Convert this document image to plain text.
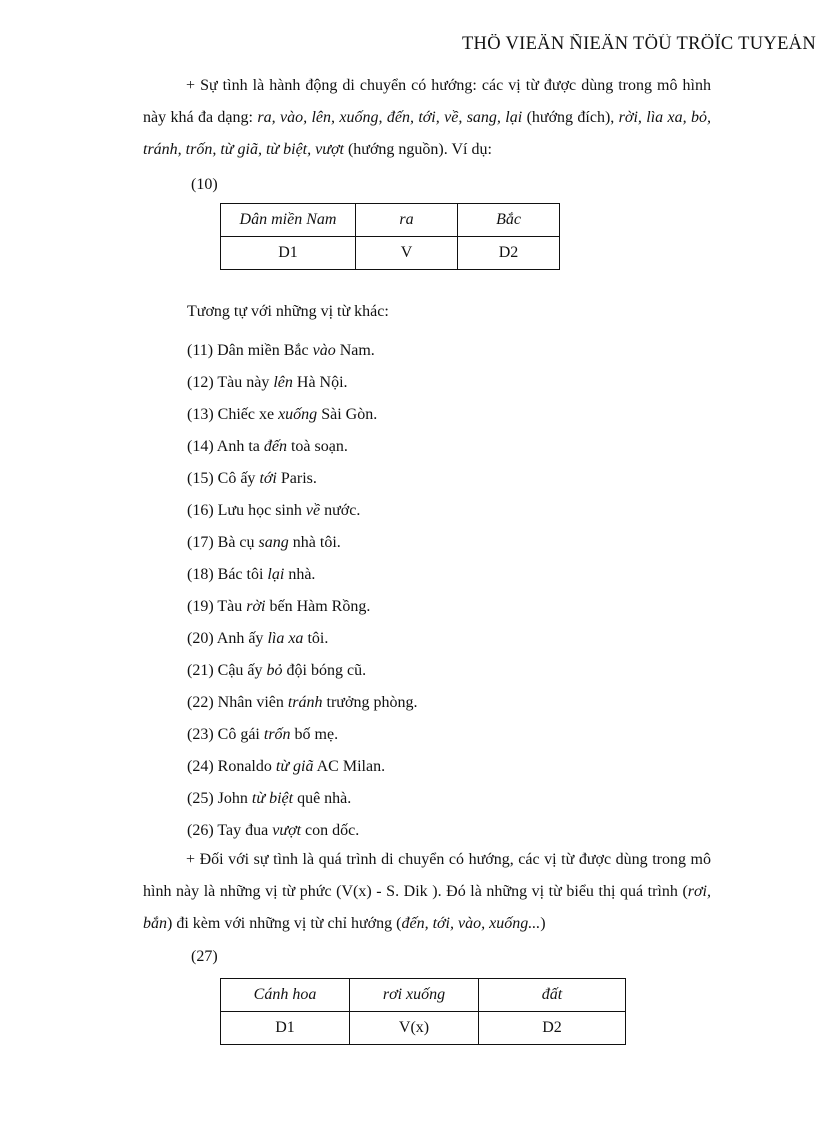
THÖ VIEÄN ÑIEÄN TÖÛ TRÖÏC TUYEÁN
+ Sự tình là hành động di chuyển có hướng: các vị từ được dùng trong mô hình này khá đa dạng: ra, vào, lên, xuống, đến, tới, về, sang, lại (hướng đích), rời, lìa xa, bỏ, tránh, trốn, từ giã, từ biệt, vượt (hướng nguồn). Ví dụ:
(10)
Dân miền Nam	ra	Bắc
D1	V	D2
Tương tự với những vị từ khác:
(11) Dân miền Bắc vào Nam.
(12) Tàu này lên Hà Nội.
(13) Chiếc xe xuống Sài Gòn.
(14) Anh ta đến toà soạn.
(15) Cô ấy tới Paris.
(16) Lưu học sinh về nước.
(17) Bà cụ sang nhà tôi.
(18) Bác tôi lại nhà.
(19) Tàu rời bến Hàm Rồng.
(20) Anh ấy lìa xa tôi.
(21) Cậu ấy bỏ đội bóng cũ.
(22) Nhân viên tránh trưởng phòng.
(23) Cô gái trốn bố mẹ.
(24) Ronaldo từ giã AC Milan.
(25) John từ biệt quê nhà.
(26) Tay đua vượt con dốc.
+ Đối với sự tình là quá trình di chuyển có hướng, các vị từ được dùng trong mô hình này là những vị từ phức (V(x) - S. Dik ). Đó là những vị từ biểu thị quá trình (rơi, bắn) đi kèm với những vị từ chỉ hướng (đến, tới, vào, xuống...)
(27)
Cánh hoa	rơi xuống	đất
D1	V(x)	D2
